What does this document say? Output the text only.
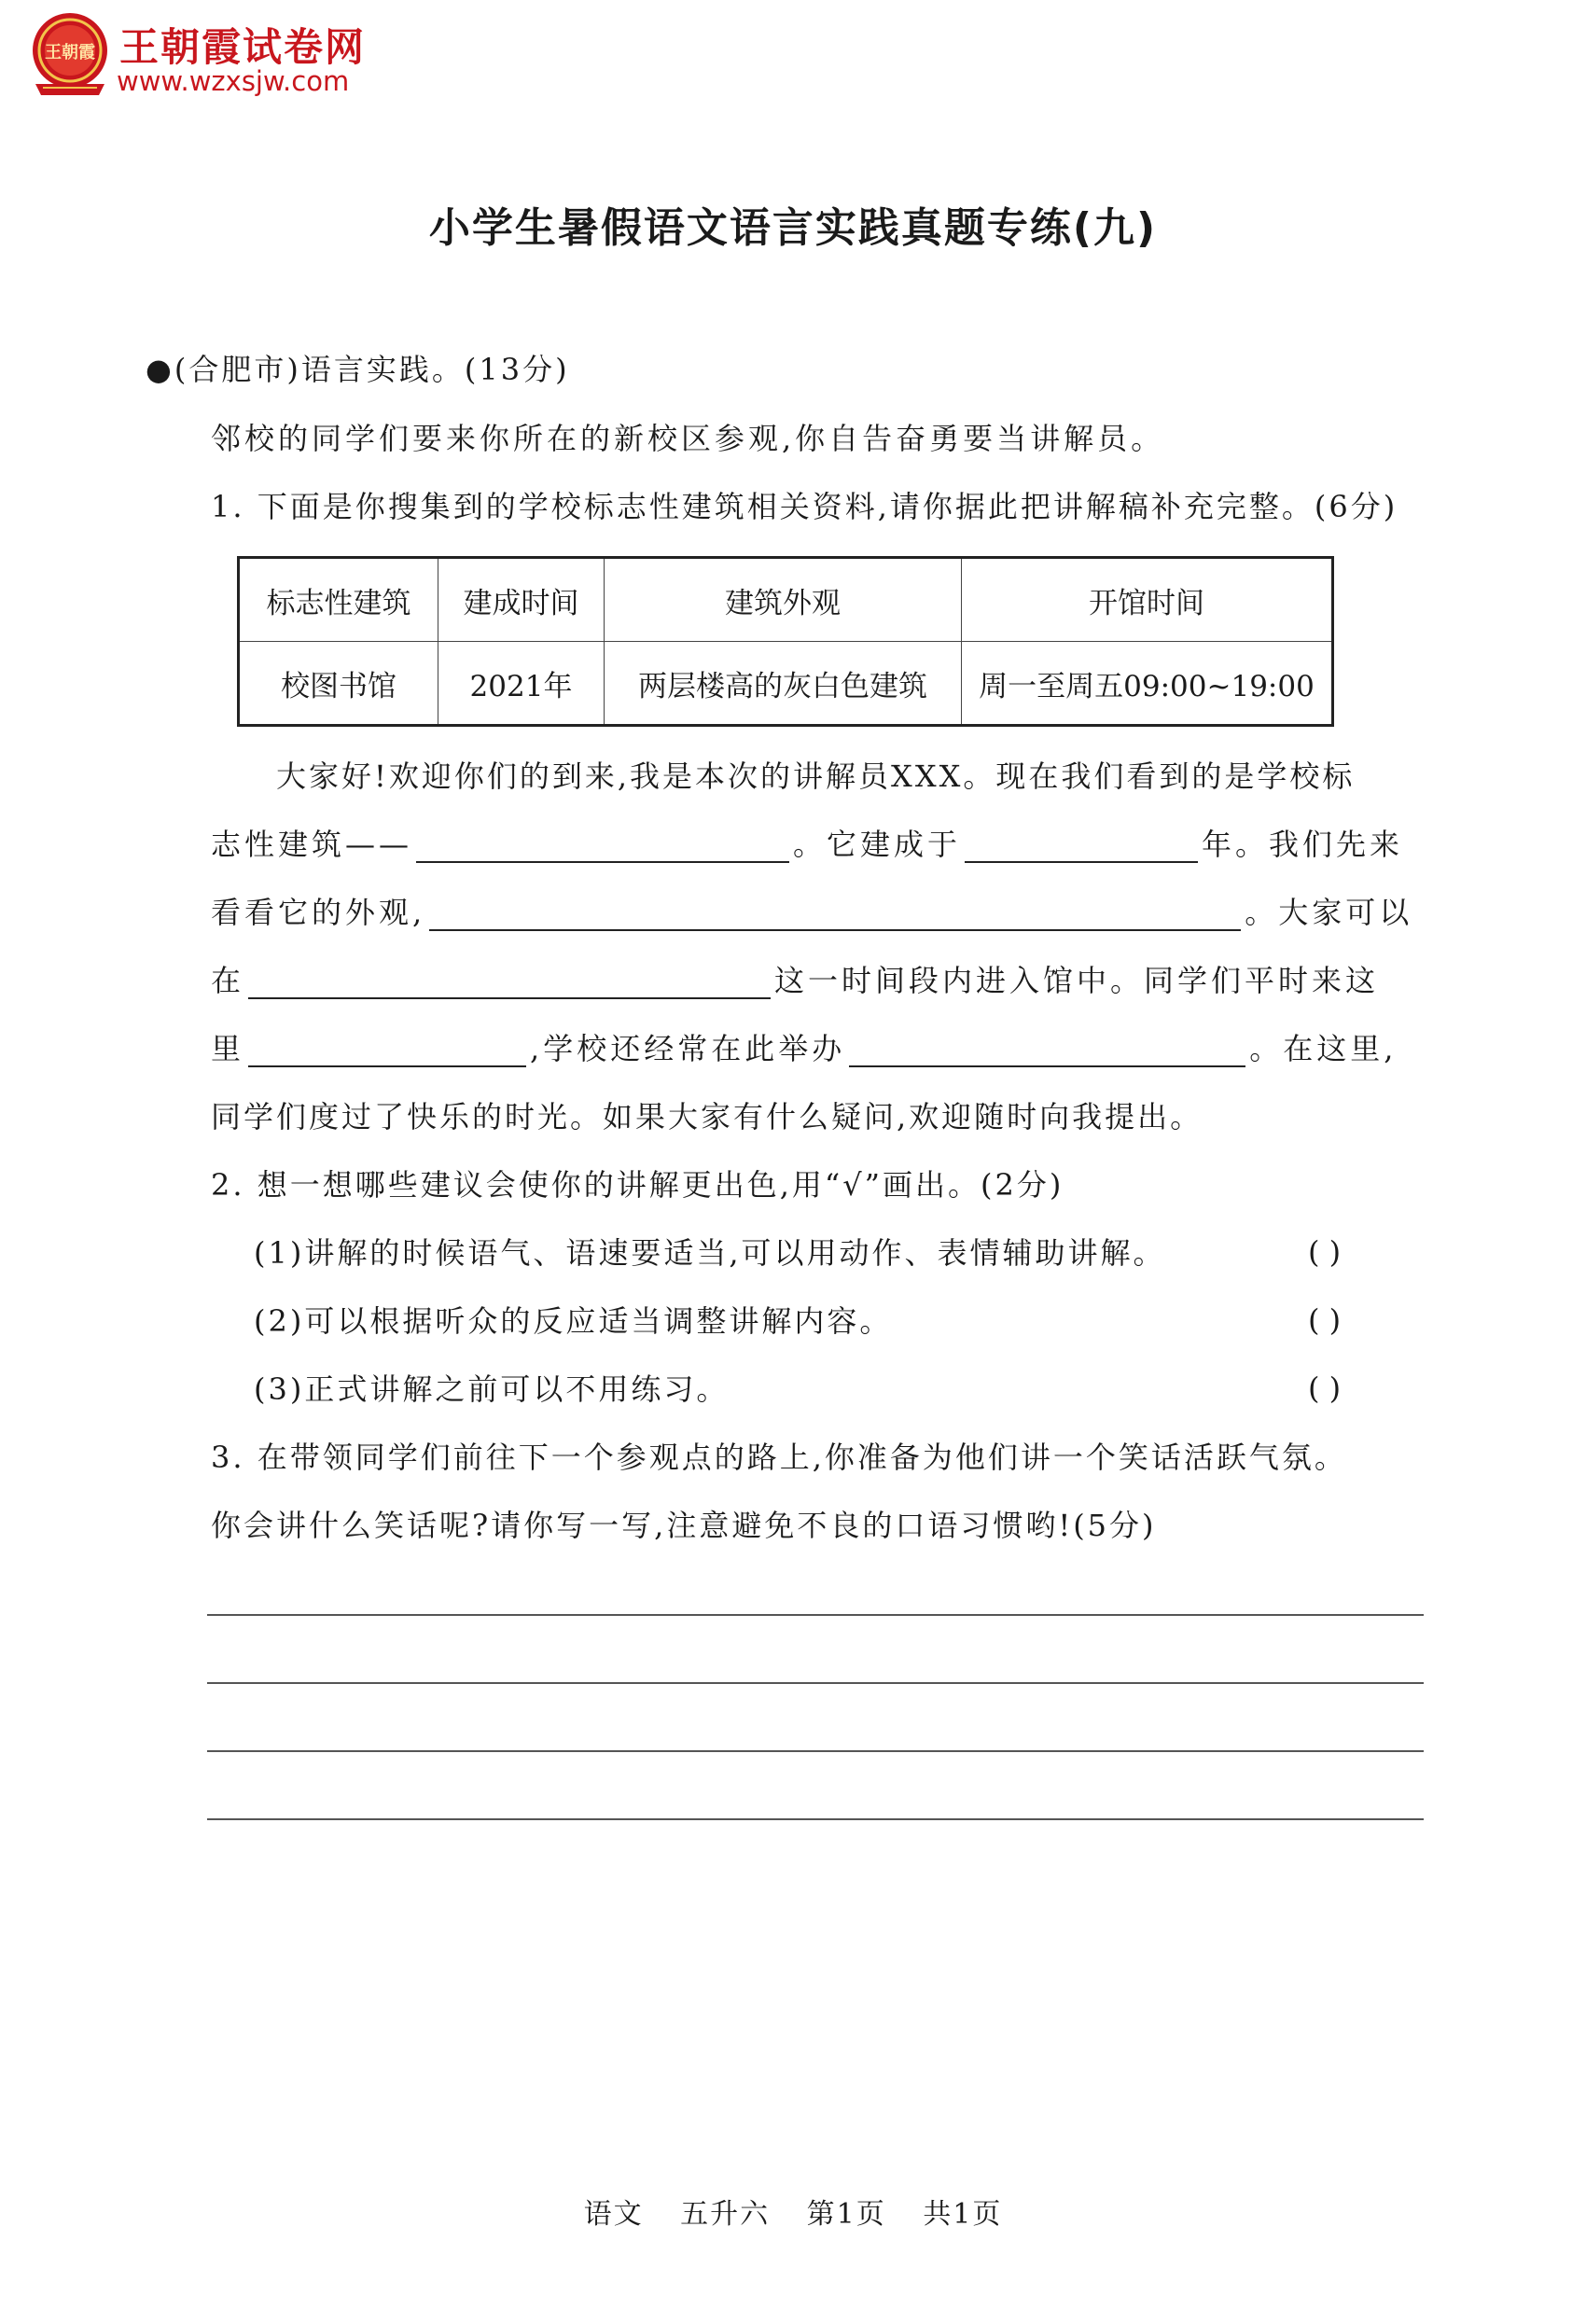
王朝霞 王朝霞试卷网
www.wzxsjw.com
小学生暑假语文语言实践真题专练(九)
●(合肥市)语言实践。(13分)
邻校的同学们要来你所在的新校区参观,你自告奋勇要当讲解员。
1. 下面是你搜集到的学校标志性建筑相关资料,请你据此把讲解稿补充完整。(6分)
标志性建筑	建成时间	建筑外观	开馆时间
校图书馆	2021年	两层楼高的灰白色建筑	周一至周五09:00~19:00
大家好!欢迎你们的到来,我是本次的讲解员XXX。现在我们看到的是学校标
志性建筑——	。它建成于	年。我们先来
看看它的外观,	。大家可以
在	这一时间段内进入馆中。同学们平时来这
里	,学校还经常在此举办	。在这里,
同学们度过了快乐的时光。如果大家有什么疑问,欢迎随时向我提出。
2. 想一想哪些建议会使你的讲解更出色,用“√”画出。(2分)
(1)讲解的时候语气、语速要适当,可以用动作、表情辅助讲解。	( )
(2)可以根据听众的反应适当调整讲解内容。	( )
(3)正式讲解之前可以不用练习。	( )
3. 在带领同学们前往下一个参观点的路上,你准备为他们讲一个笑话活跃气氛。
你会讲什么笑话呢?请你写一写,注意避免不良的口语习惯哟!(5分)
语文 五升六 第1页 共1页
